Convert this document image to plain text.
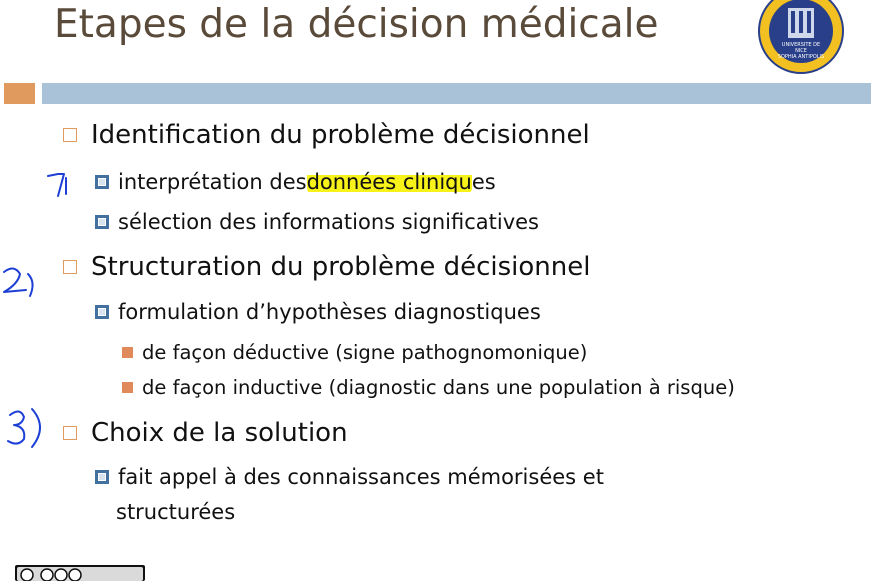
Etapes de la décision médicale	UNIVERSITE DE
NICE
SOPHIA ANTIPOLIS
Identification du problème décisionnel
interprétation des données cliniqu es
sélection des informations significatives
Structuration du problème décisionnel
formulation d’hypothèses diagnostiques
de façon déductive (signe pathognomonique)
de façon inductive (diagnostic dans une population à risque)
Choix de la solution
fait appel à des connaissances mémorisées et
structurées
